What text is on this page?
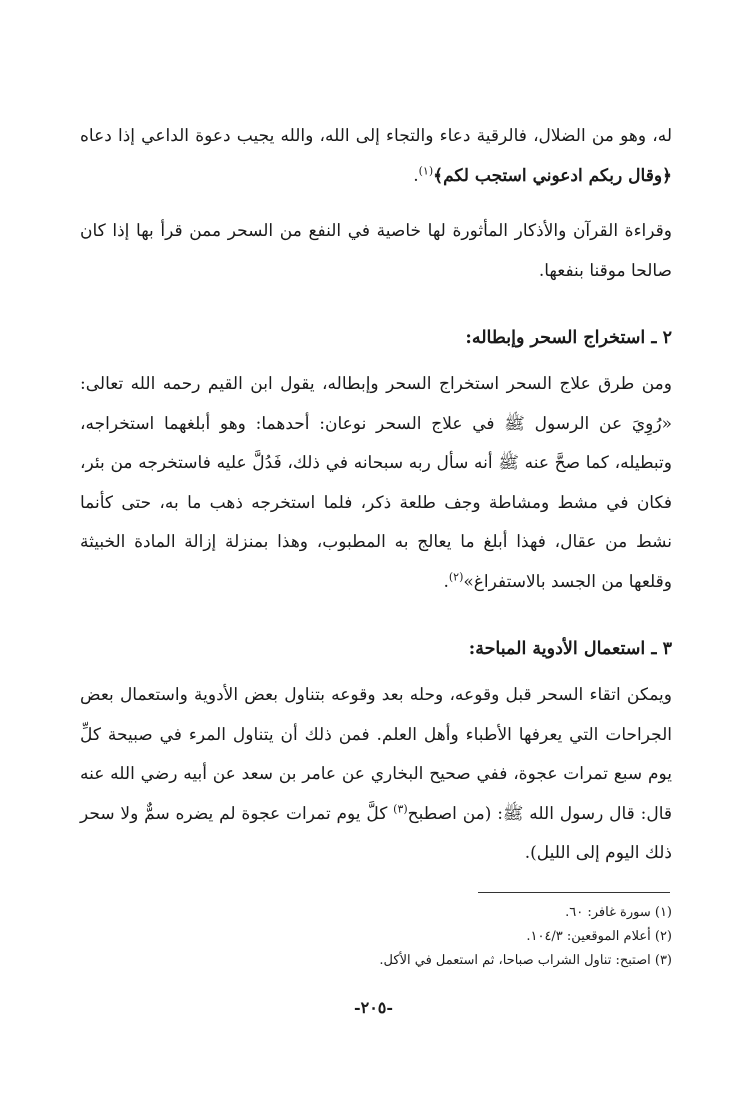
له، وهو من الضلال، فالرقية دعاء والتجاء إلى الله، والله يجيب دعوة الداعي إذا دعاه ﴿وقال ربكم ادعوني استجب لكم﴾$^{(١)}$.

وقراءة القرآن والأذكار المأثورة لها خاصية في النفع من السحر ممن قرأ بها إذا كان صالحا موقنا بنفعها.

٢ ـ استخراج السحر وإبطاله:

ومن طرق علاج السحر استخراج السحر وإبطاله، يقول ابن القيم رحمه الله تعالى: «رُوِيَ عن الرسول ﷺ في علاج السحر نوعان: أحدهما: وهو أبلغهما استخراجه، وتبطيله، كما صحَّ عنه ﷺ أنه سأل ربه سبحانه في ذلك، فَدُلَّ عليه فاستخرجه من بئر، فكان في مشط ومشاطة وجف طلعة ذكر، فلما استخرجه ذهب ما به، حتى كأنما نشط من عقال، فهذا أبلغ ما يعالج به المطبوب، وهذا بمنزلة إزالة المادة الخبيثة وقلعها من الجسد بالاستفراغ»$^{(٢)}$.

٣ ـ استعمال الأدوية المباحة:

ويمكن اتقاء السحر قبل وقوعه، وحله بعد وقوعه بتناول بعض الأدوية واستعمال بعض الجراحات التي يعرفها الأطباء وأهل العلم. فمن ذلك أن يتناول المرء في صبيحة كلِّ يوم سبع تمرات عجوة، ففي صحيح البخاري عن عامر بن سعد عن أبيه رضي الله عنه قال: قال رسول الله ﷺ: (من اصطبح$^{(٣)}$ كلَّ يوم تمرات عجوة لم يضره سمٌّ ولا سحر ذلك اليوم إلى الليل).

(١) سورة غافر: ٦٠.

(٢) أعلام الموقعين: ١٠٤/٣.

(٣) اصتبح: تناول الشراب صباحا، ثم استعمل في الأكل.

-٢٠٥-
